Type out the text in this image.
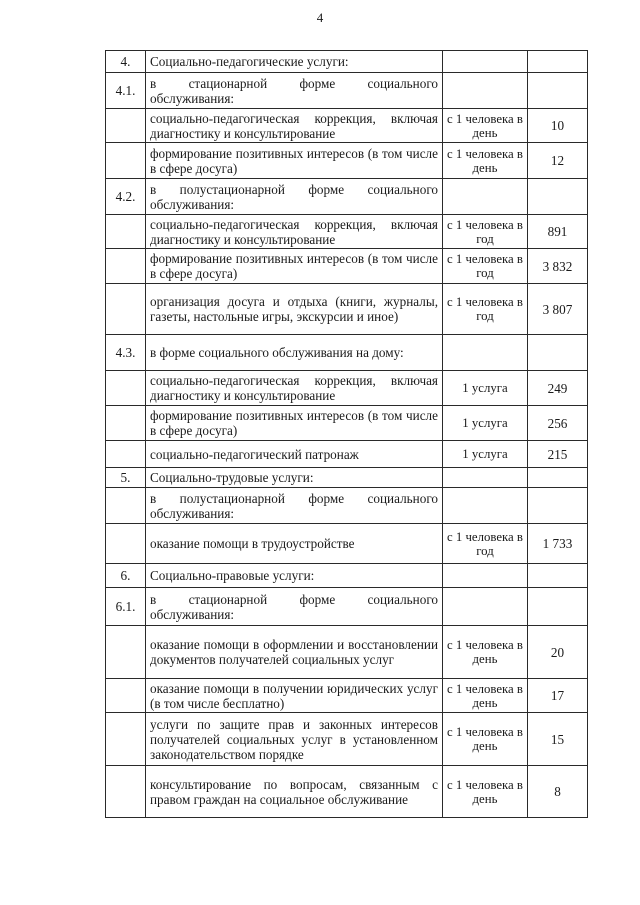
4
4.	Социально-педагогические услуги:		
4.1.	в стационарной форме социального обслуживания:		
	социально-педагогическая коррекция, включая диагностику и консультирование	с 1 человека в день	10
	формирование позитивных интересов (в том числе в сфере досуга)	с 1 человека в день	12
4.2.	в полустационарной форме социального обслуживания:		
	социально-педагогическая коррекция, включая диагностику и консультирование	с 1 человека в год	891
	формирование позитивных интересов (в том числе в сфере досуга)	с 1 человека в год	3 832
	организация досуга и отдыха (книги, журналы, газеты, настольные игры, экскурсии и иное)	с 1 человека в год	3 807
4.3.	в форме социального обслуживания на дому:		
	социально-педагогическая коррекция, включая диагностику и консультирование	1 услуга	249
	формирование позитивных интересов (в том числе в сфере досуга)	1 услуга	256
	социально-педагогический патронаж	1 услуга	215
5.	Социально-трудовые услуги:		
	в полустационарной форме социального обслуживания:		
	оказание помощи в трудоустройстве	с 1 человека в год	1 733
6.	Социально-правовые услуги:		
6.1.	в стационарной форме социального обслуживания:		
	оказание помощи в оформлении и восстановлении документов получателей социальных услуг	с 1 человека в день	20
	оказание помощи в получении юридических услуг (в том числе бесплатно)	с 1 человека в день	17
	услуги по защите прав и законных интересов получателей социальных услуг в установленном законодательством порядке	с 1 человека в день	15
	консультирование по вопросам, связанным с правом граждан на социальное обслуживание	с 1 человека в день	8
